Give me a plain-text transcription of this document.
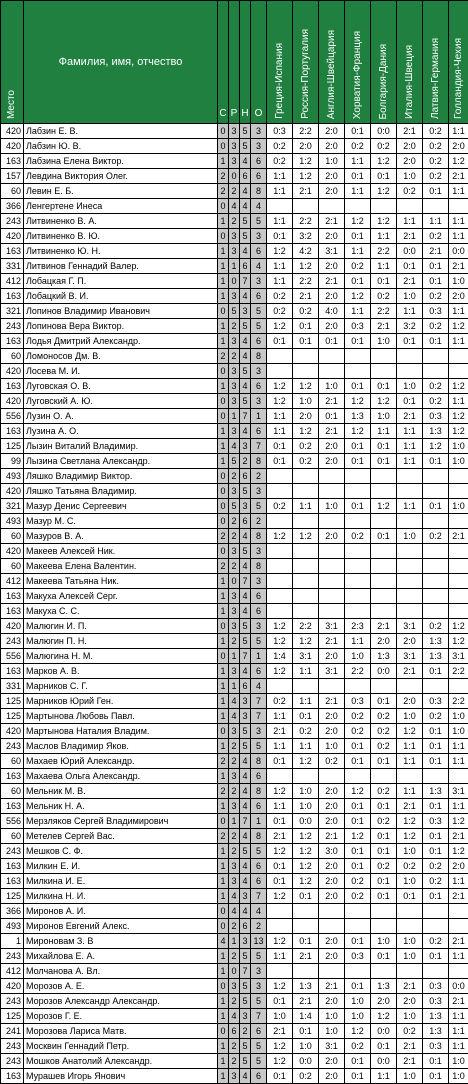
Место	Фамилия, имя, отчество	С	Р	Н	О	Греция-Испания	Россия-Португалия	Англия-Швейцария	Хорватия-Франция	Болгария-Дания	Италия-Швеция	Латвия-Германия	Голландия-Чехия

420	Лабзин Е. В.	0	3	5	3	0:3	2:2	2:0	0:1	0:0	2:1	0:2	1:1
420	Лабзин Ю. В.	0	3	5	3	0:2	2:0	2:0	0:2	0:2	2:0	0:2	2:0
163	Лабзина Елена Виктор.	1	3	4	6	0:2	1:2	1:0	1:1	1:2	2:0	0:2	1:2
157	Левдина Виктория Олег.	2	0	6	6	1:1	1:2	2:0	0:1	0:1	1:0	0:2	2:1
60	Левин Е. Б.	2	2	4	8	1:1	2:1	2:0	1:1	1:2	0:2	0:1	1:1
366	Ленгертене Инеса	0	4	4	4								
243	Литвиненко В. А.	1	2	5	5	1:1	2:2	2:1	1:2	1:2	1:1	1:1	1:1
420	Литвиненко В. Ю.	0	3	5	3	0:1	3:2	2:0	0:1	1:1	2:1	0:2	1:1
163	Литвиненко Ю. Н.	1	3	4	6	1:2	4:2	3:1	1:1	2:2	0:0	2:1	0:0
331	Литвинов Геннадий Валер.	1	1	6	4	1:1	1:2	2:0	0:2	1:1	0:1	0:1	2:1
412	Лобацкая Г. П.	1	0	7	3	1:1	2:2	2:1	0:1	0:1	2:1	0:1	1:0
163	Лобацкий В. И.	1	3	4	6	0:2	2:1	2:0	1:2	0:2	1:0	0:2	2:0
321	Лопинов Владимир Иванович	0	5	3	5	0:2	0:2	4:0	1:1	2:2	1:1	0:3	1:1
243	Лопинова Вера Виктор.	1	2	5	5	1:2	0:1	2:0	0:3	2:1	3:2	0:2	1:2
163	Лодья Дмитрий Александр.	1	3	4	6	0:1	0:1	0:1	0:1	1:0	0:1	0:1	1:1
60	Ломоносов Дм. В.	2	2	4	8								
420	Лосева М. И.	0	3	5	3								
163	Луговская О. В.	1	3	4	6	1:2	1:2	1:0	0:1	0:1	1:0	0:2	1:2
420	Луговский А. Ю.	0	3	5	3	1:2	1:0	2:1	1:2	1:2	0:1	0:2	1:1
556	Лузин О. А.	0	1	7	1	1:1	2:0	0:1	1:3	1:0	2:1	0:3	1:2
163	Лузина А. О.	1	3	4	6	1:1	1:2	2:1	1:2	1:1	1:1	1:3	1:2
125	Лызин Виталий Владимир.	1	4	3	7	0:1	0:2	2:0	0:1	0:1	1:1	1:2	1:0
99	Лызина Светлана Александр.	1	5	2	8	0:1	0:2	2:0	0:1	0:1	1:1	0:1	1:0
493	Ляшко Владимир Виктор.	0	2	6	2								
420	Ляшко Татьяна Владимир.	0	3	5	3								
321	Мазур Денис Сергеевич	0	5	3	5	0:2	1:1	1:0	0:1	1:2	1:1	0:1	1:0
493	Мазур М. С.	0	2	6	2								
60	Мазуров В. А.	2	2	4	8	1:2	1:2	2:0	0:2	0:1	1:0	0:2	2:1
420	Макеев Алексей Ник.	0	3	5	3								
60	Макеева Елена Валентин.	2	2	4	8								
412	Макеева Татьяна Ник.	1	0	7	3								
163	Макуха Алексей Серг.	1	3	4	6								
163	Макуха С. С.	1	3	4	6								
420	Малюгин И. П.	0	3	5	3	1:2	2:2	3:1	2:3	2:1	3:1	0:2	1:2
243	Малюгин П. Н.	1	2	5	5	1:2	1:2	2:1	1:1	2:0	2:0	1:3	1:2
556	Малюгина Н. М.	0	1	7	1	1:4	3:1	2:0	1:0	1:3	3:1	1:3	3:1
163	Марков А. В.	1	3	4	6	1:2	1:1	3:1	2:2	0:0	2:1	0:1	2:2
331	Марников С. Г.	1	1	6	4								
125	Марников Юрий Ген.	1	4	3	7	0:2	1:1	2:1	0:3	0:1	2:0	0:3	2:2
125	Мартынова Любовь Павл.	1	4	3	7	1:1	0:1	2:0	0:2	0:2	1:0	0:2	1:0
420	Мартынова Наталия Владим.	0	3	5	3	2:1	0:2	2:0	0:2	0:2	1:2	0:1	1:0
243	Маслов Владимир Яков.	1	2	5	5	1:1	1:1	1:0	0:1	0:2	1:1	0:1	1:1
60	Махаев Юрий Александр.	2	2	4	8	0:1	1:2	0:2	0:1	0:1	1:1	0:1	1:1
163	Махаева Ольга Александр.	1	3	4	6								
60	Мельник М. В.	2	2	4	8	1:2	1:0	2:0	1:2	0:2	1:1	1:3	3:1
163	Мельник Н. А.	1	3	4	6	1:1	1:0	2:0	0:1	0:1	2:1	0:1	1:1
556	Мерзляков Сергей Владимирович	0	1	7	1	0:1	0:0	2:0	0:1	0:2	1:2	0:3	1:2
60	Метелев Сергей Вас.	2	2	4	8	2:1	1:2	2:1	1:2	0:1	1:2	0:1	2:1
243	Мешков С. Ф.	1	2	5	5	1:2	1:2	3:0	0:1	0:1	1:0	0:1	1:2
163	Милкин Е. И.	1	3	4	6	0:1	1:2	2:0	0:1	0:2	0:2	0:2	2:0
163	Милкина И. Е.	1	3	4	6	0:1	1:2	2:0	0:2	0:1	1:0	0:2	1:1
125	Милкина Н. И.	1	4	3	7	1:2	0:1	2:0	0:2	0:1	0:1	0:1	2:1
366	Миронов А. И.	0	4	4	4								
493	Миронов Евгений Алекс.	0	2	6	2								
1	Мироновам З. В	4	1	3	13	1:2	0:1	2:0	0:1	1:0	1:0	0:2	2:1
243	Михайлова Е. А.	1	2	5	5	1:1	2:1	2:0	0:3	0:1	1:0	0:1	1:1
412	Молчанова А. Вл.	1	0	7	3								
420	Морозов А. Е.	0	3	5	3	1:2	1:3	2:1	0:1	1:3	2:1	0:3	0:0
243	Морозов Александр Александр.	1	2	5	5	0:1	2:1	2:0	1:0	2:0	2:0	0:3	2:1
125	Морозов Г. Е.	1	4	3	7	1:0	1:4	1:0	1:0	1:2	1:0	1:3	1:1
241	Морозова Лариса Матв.	0	6	2	6	2:1	0:1	1:0	1:2	0:0	0:2	1:3	1:1
243	Москвин Геннадий Петр.	1	2	5	5	1:2	1:0	3:1	0:2	0:1	2:1	0:3	1:1
243	Мошков Анатолий Александр.	1	2	5	5	1:2	0:0	2:0	0:1	0:0	2:1	0:1	1:0
163	Мурашев Игорь Янович	1	3	4	6	0:1	0:2	2:0	0:1	1:1	1:0	0:1	1:0
